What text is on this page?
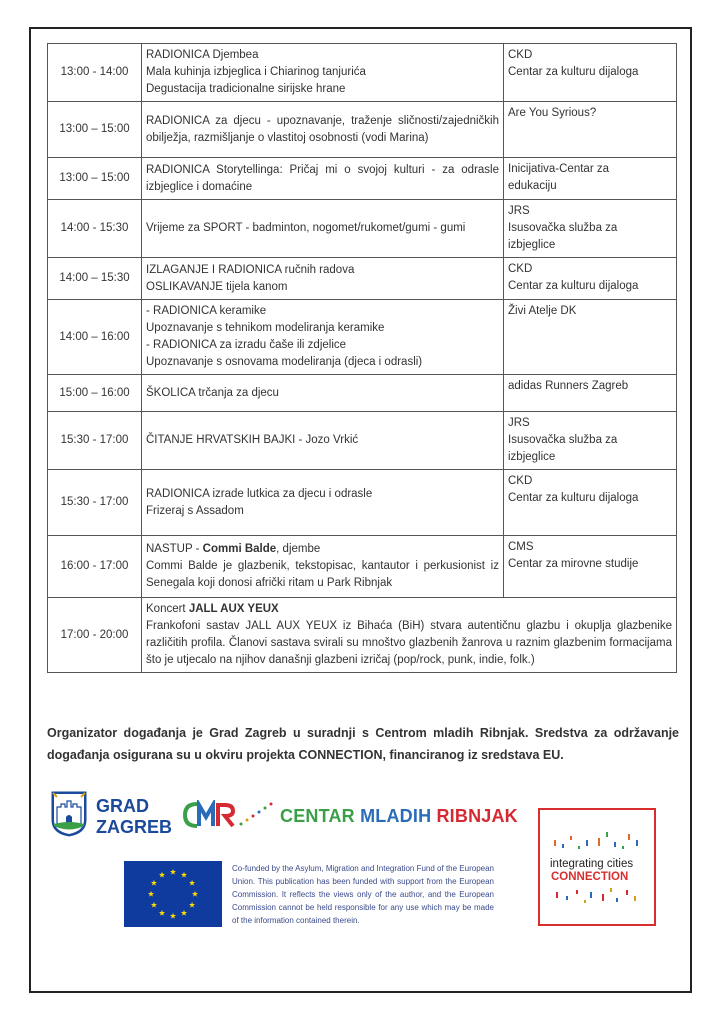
13:00 - 14:00	RADIONICA Djembea
Mala kuhinja izbjeglica i Chiarinog tanjurića
Degustacija tradicionalne sirijske hrane	CKD
Centar za kulturu dijaloga

13:00 – 15:00	RADIONICA za djecu - upoznavanje, traženje sličnosti/zajedničkih obilježja, razmišljanje o vlastitoj osobnosti (vodi Marina)	Are You Syrious?

13:00 – 15:00	RADIONICA Storytellinga: Pričaj mi o svojoj kulturi - za odrasle izbjeglice i domaćine	Inicijativa-Centar za
edukaciju

14:00 - 15:30	Vrijeme za SPORT - badminton, nogomet/rukomet/gumi - gumi	JRS
Isusovačka služba za
izbjeglice

14:00 – 15:30	IZLAGANJE I RADIONICA ručnih radova
OSLIKAVANJE tijela kanom	CKD
Centar za kulturu dijaloga

14:00 – 16:00	- RADIONICA keramike
Upoznavanje s tehnikom modeliranja keramike
- RADIONICA za izradu čaše ili zdjelice
Upoznavanje s osnovama modeliranja (djeca i odrasli)	Živi Atelje DK

15:00 – 16:00	ŠKOLICA trčanja za djecu	adidas Runners Zagreb

15:30 - 17:00	ČITANJE HRVATSKIH BAJKI - Jozo Vrkić	JRS
Isusovačka služba za
izbjeglice

15:30 - 17:00	RADIONICA izrade lutkica za djecu i odrasle
Frizeraj s Assadom	CKD
Centar za kulturu dijaloga

16:00 - 17:00	NASTUP - Commi Balde, djembe
Commi Balde je glazbenik, tekstopisac, kantautor i perkusionist iz Senegala koji donosi afrički ritam u Park Ribnjak	CMS
Centar za mirovne studije

17:00 - 20:00	Koncert JALL AUX YEUX
Frankofoni sastav JALL AUX YEUX iz Bihaća (BiH) stvara autentičnu glazbu i okuplja glazbenike različitih profila. Članovi sastava svirali su mnoštvo glazbenih žanrova u raznim glazbenim formacijama što je utjecalo na njihov današnji glazbeni izričaj (pop/rock, punk, indie, folk.)	
Organizator događanja je Grad Zagreb u suradnji s Centrom mladih Ribnjak. Sredstva za održavanje događanja osigurana su u okviru projekta CONNECTION, financiranog iz sredstava EU.
GRAD
ZAGREB
CENTAR MLADIH RIBNJAK
Co-funded by the Asylum, Migration and Integration Fund of the European Union. This publication has been funded with support from the European Commission. It reflects the views only of the author, and the European Commission cannot be held responsible for any use which may be made of the information contained therein.
integrating cities
CONNECTION
